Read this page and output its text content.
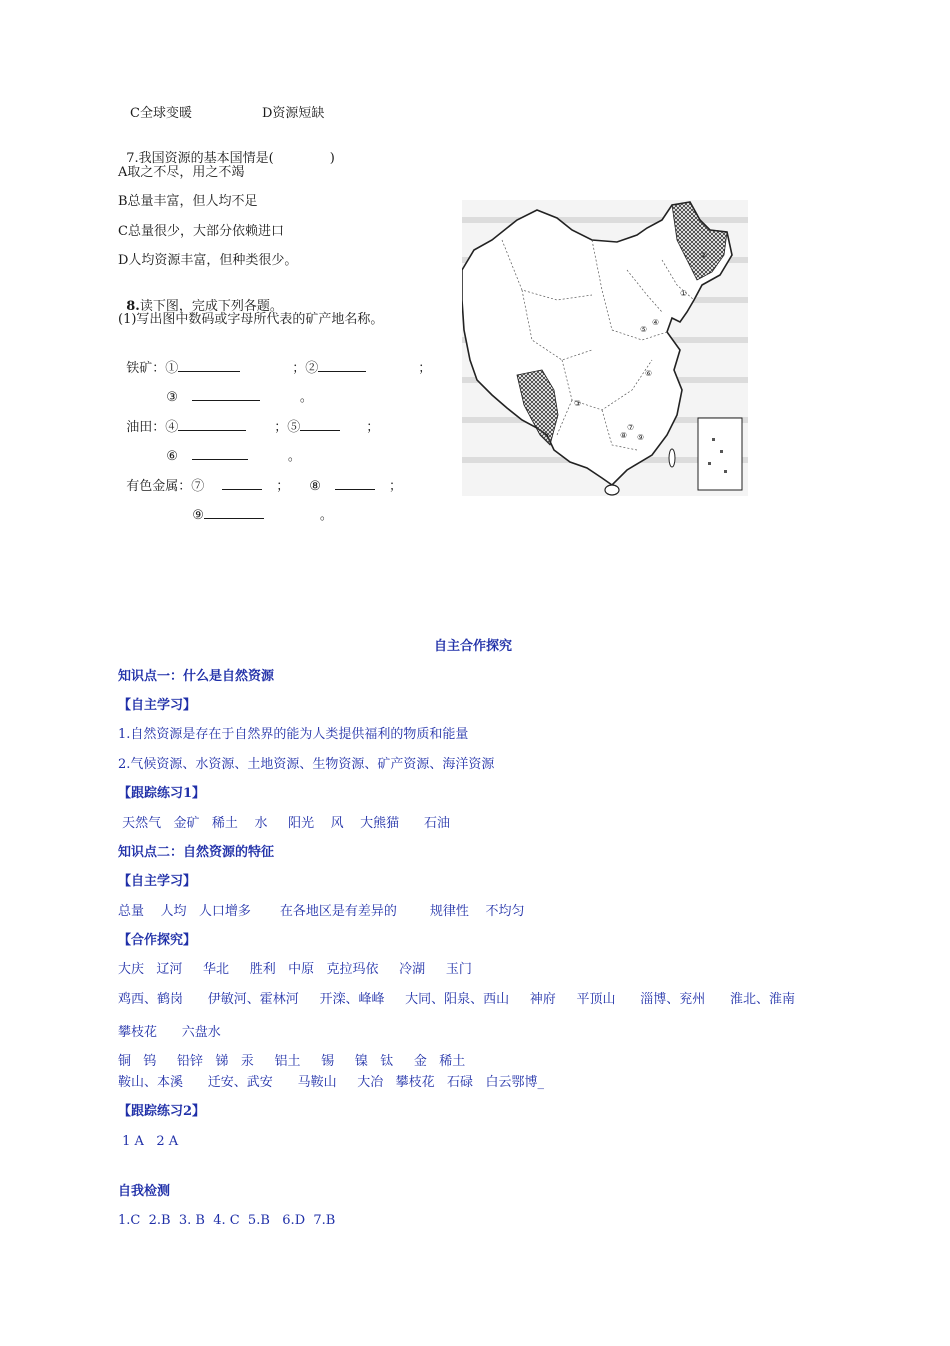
C全球变暖	D资源短缺

7.我国资源的基本国情是(	)

A取之不尽，用之不竭
B总量丰富，但人均不足
C总量很少，大部分依赖进口
D人均资源丰富，但种类很少。

8.读下图，完成下列各题。

(1)写出图中数码或字母所代表的矿产地名称。

铁矿：①	；②	；

③	。

油田：④	；⑤	；

⑥	。

有色金属：⑦	； ⑧	；

⑨	。

①
②
③
④
⑤
⑥
⑦
⑧ ⑨
自主合作探究
知识点一：什么是自然资源
【自主学习】
1.自然资源是存在于自然界的能为人类提供福利的物质和能量
2.气候资源、水资源、土地资源、生物资源、矿产资源、海洋资源
【跟踪练习1】
天然气   金矿   稀土    水     阳光    风    大熊猫      石油
知识点二：自然资源的特征
【自主学习】
总量    人均   人口增多       在各地区是有差异的        规律性    不均匀
【合作探究】
大庆   辽河     华北     胜利   中原   克拉玛依     冷湖     玉门
鸡西、鹤岗      伊敏河、霍林河     开滦、峰峰     大同、阳泉、西山     神府     平顶山      淄博、兖州      淮北、淮南
攀枝花      六盘水
铜   钨     铅锌   锑   汞     铝土     锡     镍   钛     金   稀土
鞍山、本溪      迁安、武安      马鞍山     大冶   攀枝花   石碌   白云鄂博_
【跟踪练习2】
1 A   2 A
自我检测
1.C  2.B  3. B  4. C  5.B   6.D  7.B
